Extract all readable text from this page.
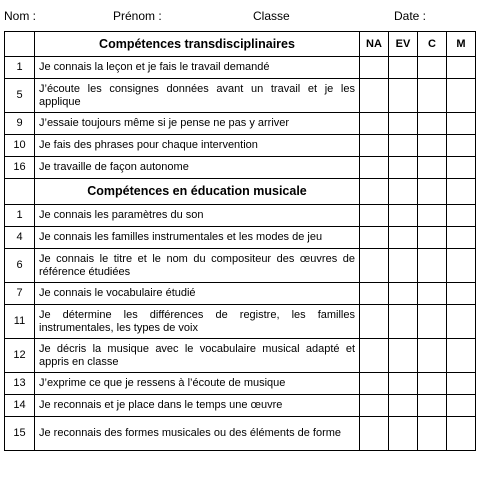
Nom :	Prénom :	Classe	Date :
	Compétences transdisciplinaires	NA	EV	C	M
1	Je connais la leçon et je fais le travail demandé				
5	J’écoute les consignes données avant un travail et je les applique				
9	J’essaie toujours même si je pense ne pas y arriver				
10	Je fais des phrases pour chaque intervention				
16	Je travaille de façon autonome				
	Compétences en éducation musicale				
1	Je connais les paramètres du son				
4	Je connais les familles instrumentales et les modes de jeu				
6	Je connais le titre et le nom du compositeur des œuvres de référence étudiées				
7	Je connais le vocabulaire étudié				
11	Je détermine les différences de registre, les familles instrumentales, les types de voix				
12	Je décris la musique avec le vocabulaire musical adapté et appris en classe				
13	J’exprime ce que je ressens à l’écoute de musique				
14	Je reconnais et je place dans le temps une œuvre				
15	Je reconnais des formes musicales ou des éléments de forme				
